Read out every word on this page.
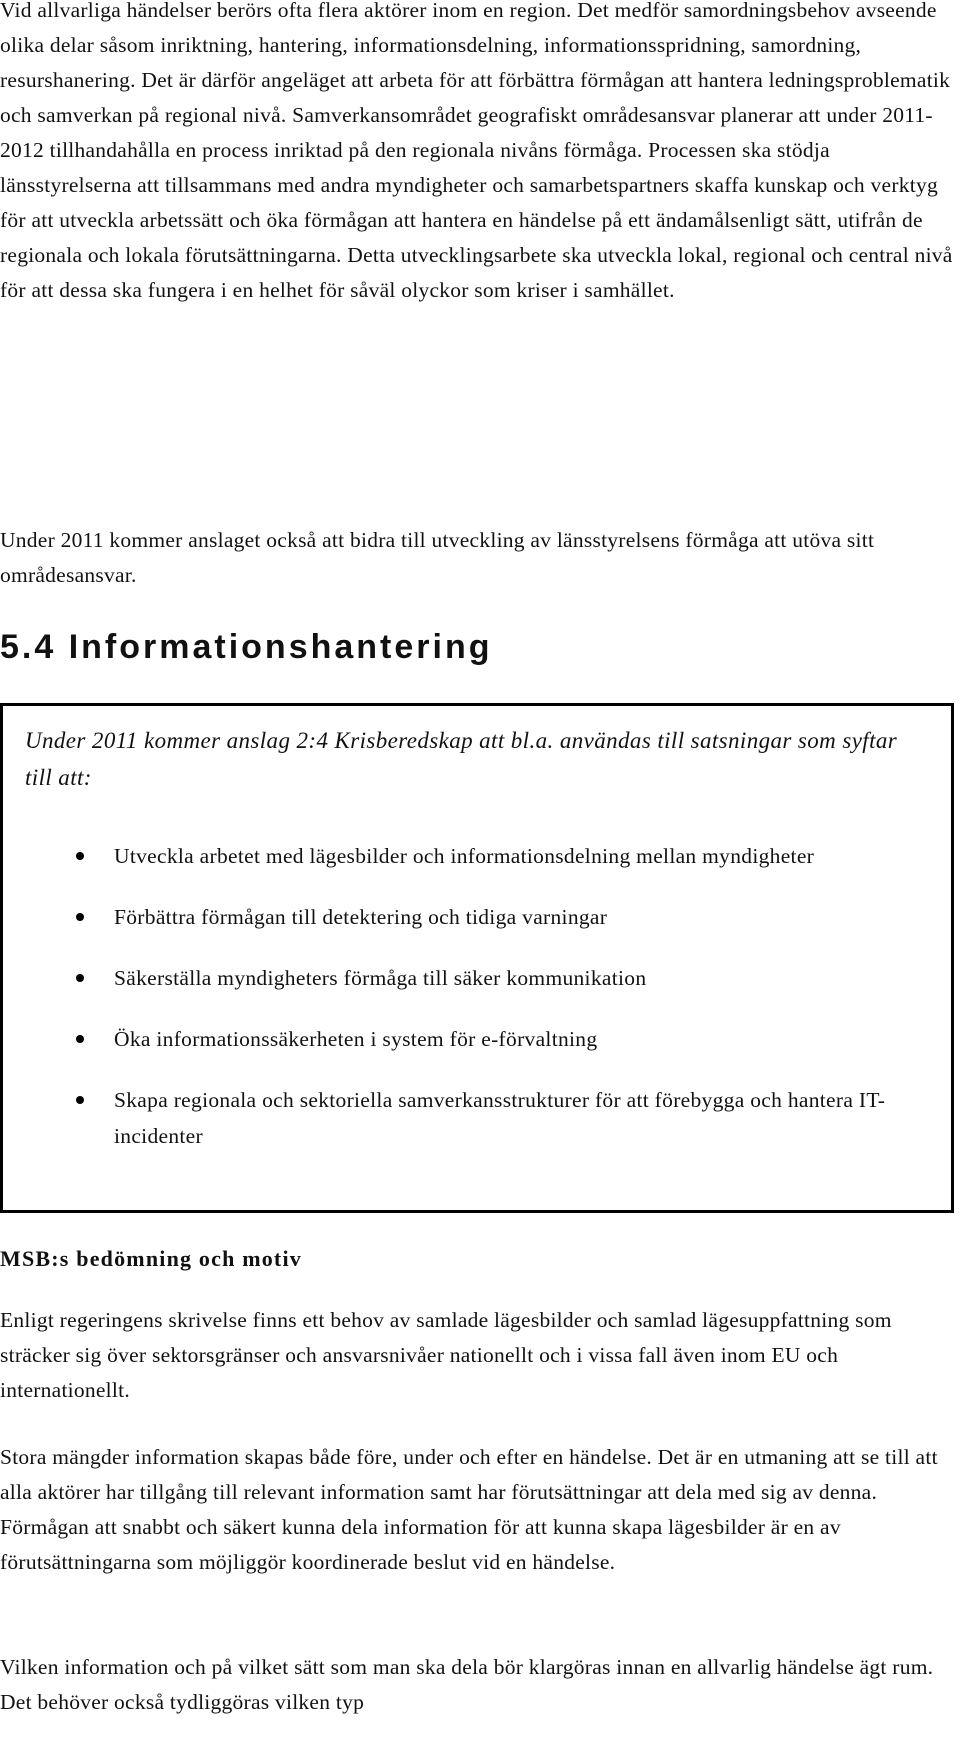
Vid allvarliga händelser berörs ofta flera aktörer inom en region. Det medför samordningsbehov avseende olika delar såsom inriktning, hantering, informationsdelning, informationsspridning, samordning, resurshanering. Det är därför angeläget att arbeta för att förbättra förmågan att hantera ledningsproblematik och samverkan på regional nivå. Samverkansområdet geografiskt områdesansvar planerar att under 2011-2012 tillhandahålla en process inriktad på den regionala nivåns förmåga. Processen ska stödja länsstyrelserna att tillsammans med andra myndigheter och samarbetspartners skaffa kunskap och verktyg för att utveckla arbetssätt och öka förmågan att hantera en händelse på ett ändamålsenligt sätt, utifrån de regionala och lokala förutsättningarna. Detta utvecklingsarbete ska utveckla lokal, regional och central nivå för att dessa ska fungera i en helhet för såväl olyckor som kriser i samhället.

Under 2011 kommer anslaget också att bidra till utveckling av länsstyrelsens förmåga att utöva sitt områdesansvar.

5.4 Informationshantering

Under 2011 kommer anslag 2:4 Krisberedskap att bl.a. användas till satsningar som syftar till att:

Utveckla arbetet med lägesbilder och informationsdelning mellan myndigheter
Förbättra förmågan till detektering och tidiga varningar
Säkerställa myndigheters förmåga till säker kommunikation
Öka informationssäkerheten i system för e-förvaltning
Skapa regionala och sektoriella samverkansstrukturer för att förebygga och hantera IT-incidenter
MSB:s bedömning och motiv

Enligt regeringens skrivelse finns ett behov av samlade lägesbilder och samlad lägesuppfattning som sträcker sig över sektorsgränser och ansvarsnivåer nationellt och i vissa fall även inom EU och internationellt.

Stora mängder information skapas både före, under och efter en händelse. Det är en utmaning att se till att alla aktörer har tillgång till relevant information samt har förutsättningar att dela med sig av denna. Förmågan att snabbt och säkert kunna dela information för att kunna skapa lägesbilder är en av förutsättningarna som möjliggör koordinerade beslut vid en händelse.

Vilken information och på vilket sätt som man ska dela bör klargöras innan en allvarlig händelse ägt rum. Det behöver också tydliggöras vilken typ
